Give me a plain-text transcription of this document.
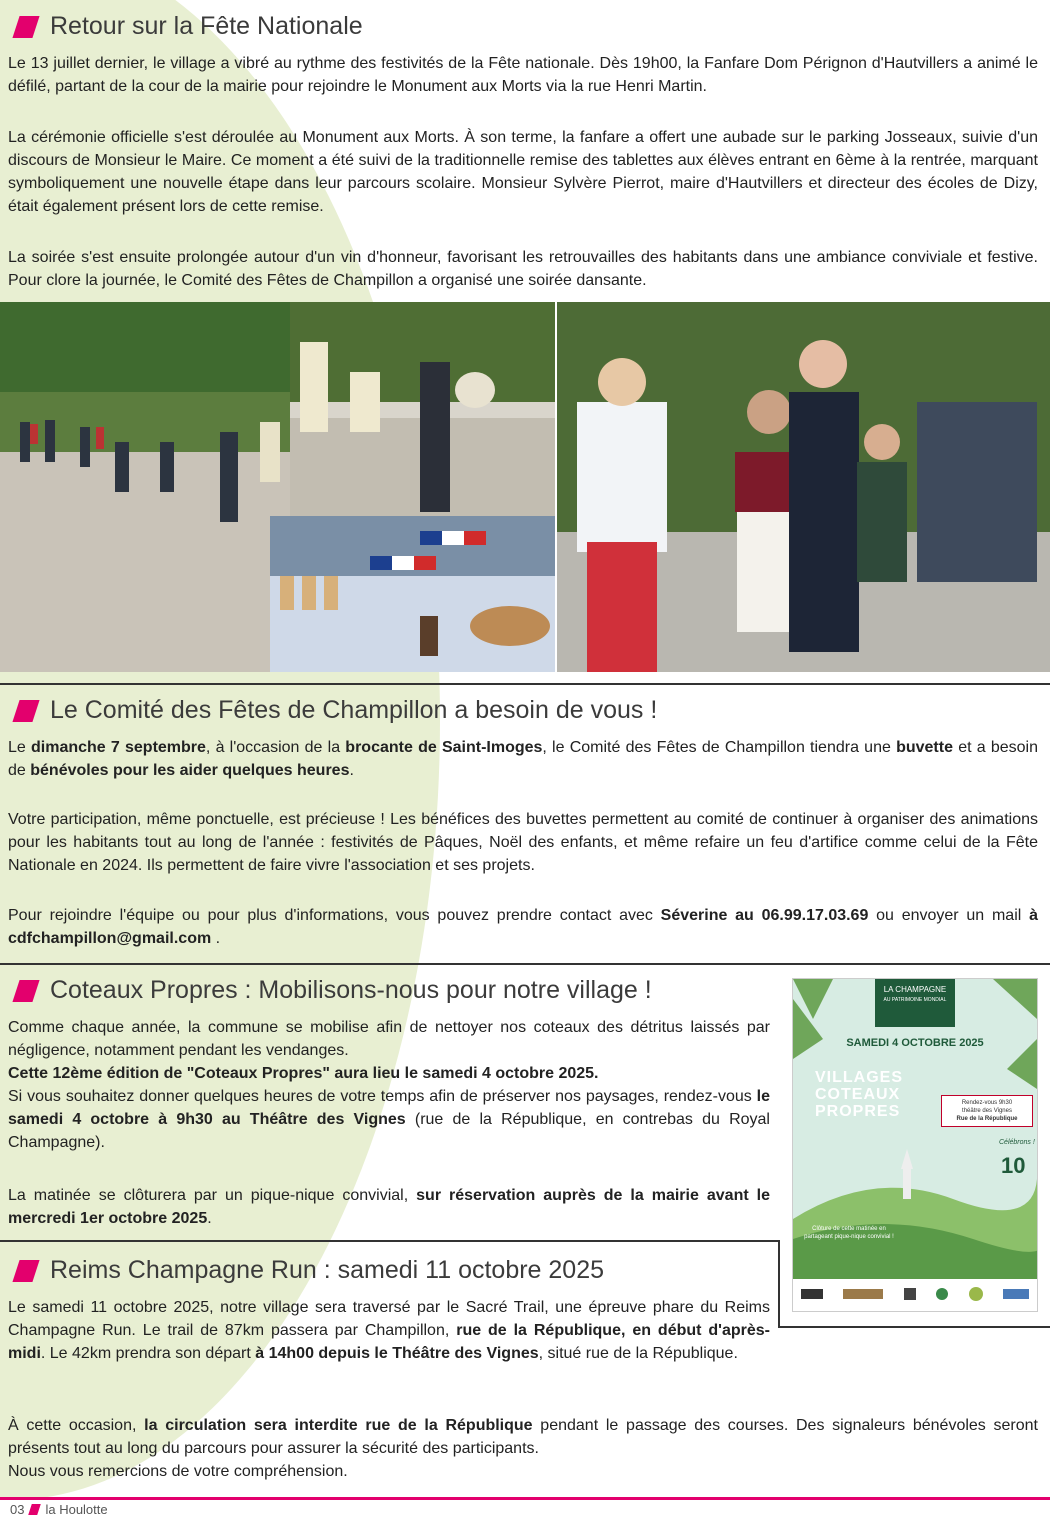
Retour sur la Fête Nationale

Le 13 juillet dernier, le village a vibré au rythme des festivités de la Fête nationale. Dès 19h00, la Fanfare Dom Pérignon d'Hautvillers a animé le défilé, partant de la cour de la mairie pour rejoindre le Monument aux Morts via la rue Henri Martin.

La cérémonie officielle s'est déroulée au Monument aux Morts. À son terme, la fanfare a offert une aubade sur le parking Josseaux, suivie d'un discours de Monsieur le Maire. Ce moment a été suivi de la traditionnelle remise des tablettes aux élèves entrant en 6ème à la rentrée, marquant symboliquement une nouvelle étape dans leur parcours scolaire. Monsieur Sylvère Pierrot, maire d'Hautvillers et directeur des écoles de Dizy, était également présent lors de cette remise.

La soirée s'est ensuite prolongée autour d'un vin d'honneur, favorisant les retrouvailles des habitants dans une ambiance conviviale et festive. Pour clore la journée, le Comité des Fêtes de Champillon a organisé une soirée dansante.

Le Comité des Fêtes de Champillon a besoin de vous !

Le dimanche 7 septembre, à l'occasion de la brocante de Saint-Imoges, le Comité des Fêtes de Champillon tiendra une buvette et a besoin de bénévoles pour les aider quelques heures.

Votre participation, même ponctuelle, est précieuse ! Les bénéfices des buvettes permettent au comité de continuer à organiser des animations pour les habitants tout au long de l'année : festivités de Pâques, Noël des enfants, et même refaire un feu d'artifice comme celui de la Fête Nationale en 2024. Ils permettent de faire vivre l'association et ses projets.

Pour rejoindre l'équipe ou pour plus d'informations, vous pouvez prendre contact avec Séverine au 06.99.17.03.69 ou envoyer un mail à cdfchampillon@gmail.com .

Coteaux Propres : Mobilisons-nous pour notre village !
Comme chaque année, la commune se mobilise afin de nettoyer nos coteaux des détritus laissés par négligence, notamment pendant les vendanges.
Cette 12ème édition de "Coteaux Propres" aura lieu le samedi 4 octobre 2025.
Si vous souhaitez donner quelques heures de votre temps afin de préserver nos paysages, rendez-vous le samedi 4 octobre à 9h30 au Théâtre des Vignes (rue de la République, en contrebas du Royal Champagne).

La matinée se clôturera par un pique-nique convivial, sur réservation auprès de la mairie avant le mercredi 1er octobre 2025.

LA CHAMPAGNE
AU PATRIMOINE MONDIAL
SAMEDI 4 OCTOBRE 2025
VILLAGES
COTEAUX
PROPRES	Rendez-vous 9h30
théâtre des Vignes
Rue de la République
Célébrons !
10
Clôture de cette matinée en partageant pique-nique convivial !
Reims Champagne Run : samedi 11 octobre 2025

Le samedi 11 octobre 2025, notre village sera traversé par le Sacré Trail, une épreuve phare du Reims Champagne Run. Le trail de 87km passera par Champillon, rue de la République, en début d'après-midi. Le 42km prendra son départ à 14h00 depuis le Théâtre des Vignes, situé rue de la République.

À cette occasion, la circulation sera interdite rue de la République pendant le passage des courses. Des signaleurs bénévoles seront présents tout au long du parcours pour assurer la sécurité des participants.
Nous vous remercions de votre compréhension.
03 la Houlotte
